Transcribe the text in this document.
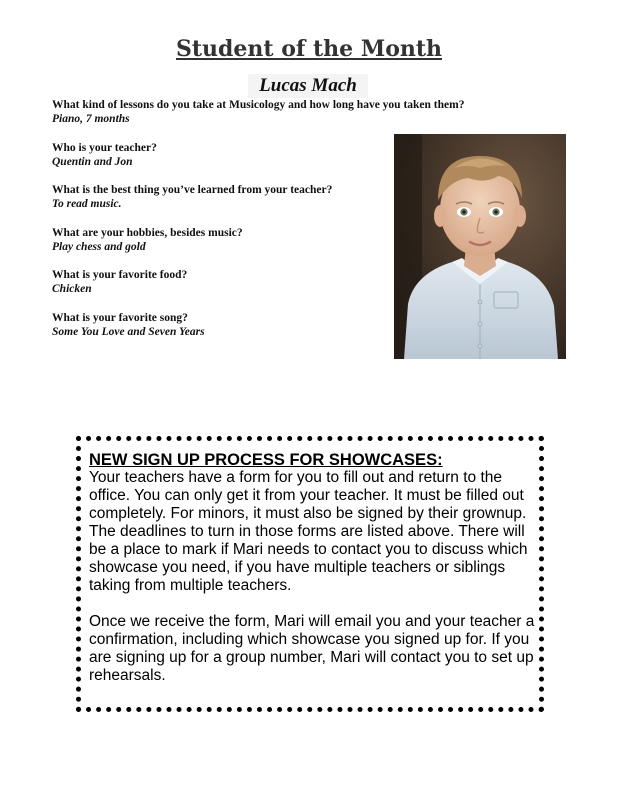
Student of the Month
Lucas Mach
What kind of lessons do you take at Musicology and how long have you taken them?
Piano, 7 months
Who is your teacher?
Quentin and Jon
What is the best thing you’ve learned from your teacher?
To read music.
What are your hobbies, besides music?
Play chess and gold
What is your favorite food?
Chicken
What is your favorite song?
Some You Love and Seven Years
NEW SIGN UP PROCESS FOR SHOWCASES:

Your teachers have a form for you to fill out and return to the office. You can only get it from your teacher. It must be filled out completely. For minors, it must also be signed by their grownup. The deadlines to turn in those forms are listed above. There will be a place to mark if Mari needs to contact you to discuss which showcase you need, if you have multiple teachers or siblings taking from multiple teachers.

Once we receive the form, Mari will email you and your teacher a confirmation, including which showcase you signed up for. If you are signing up for a group number, Mari will contact you to set up rehearsals.
